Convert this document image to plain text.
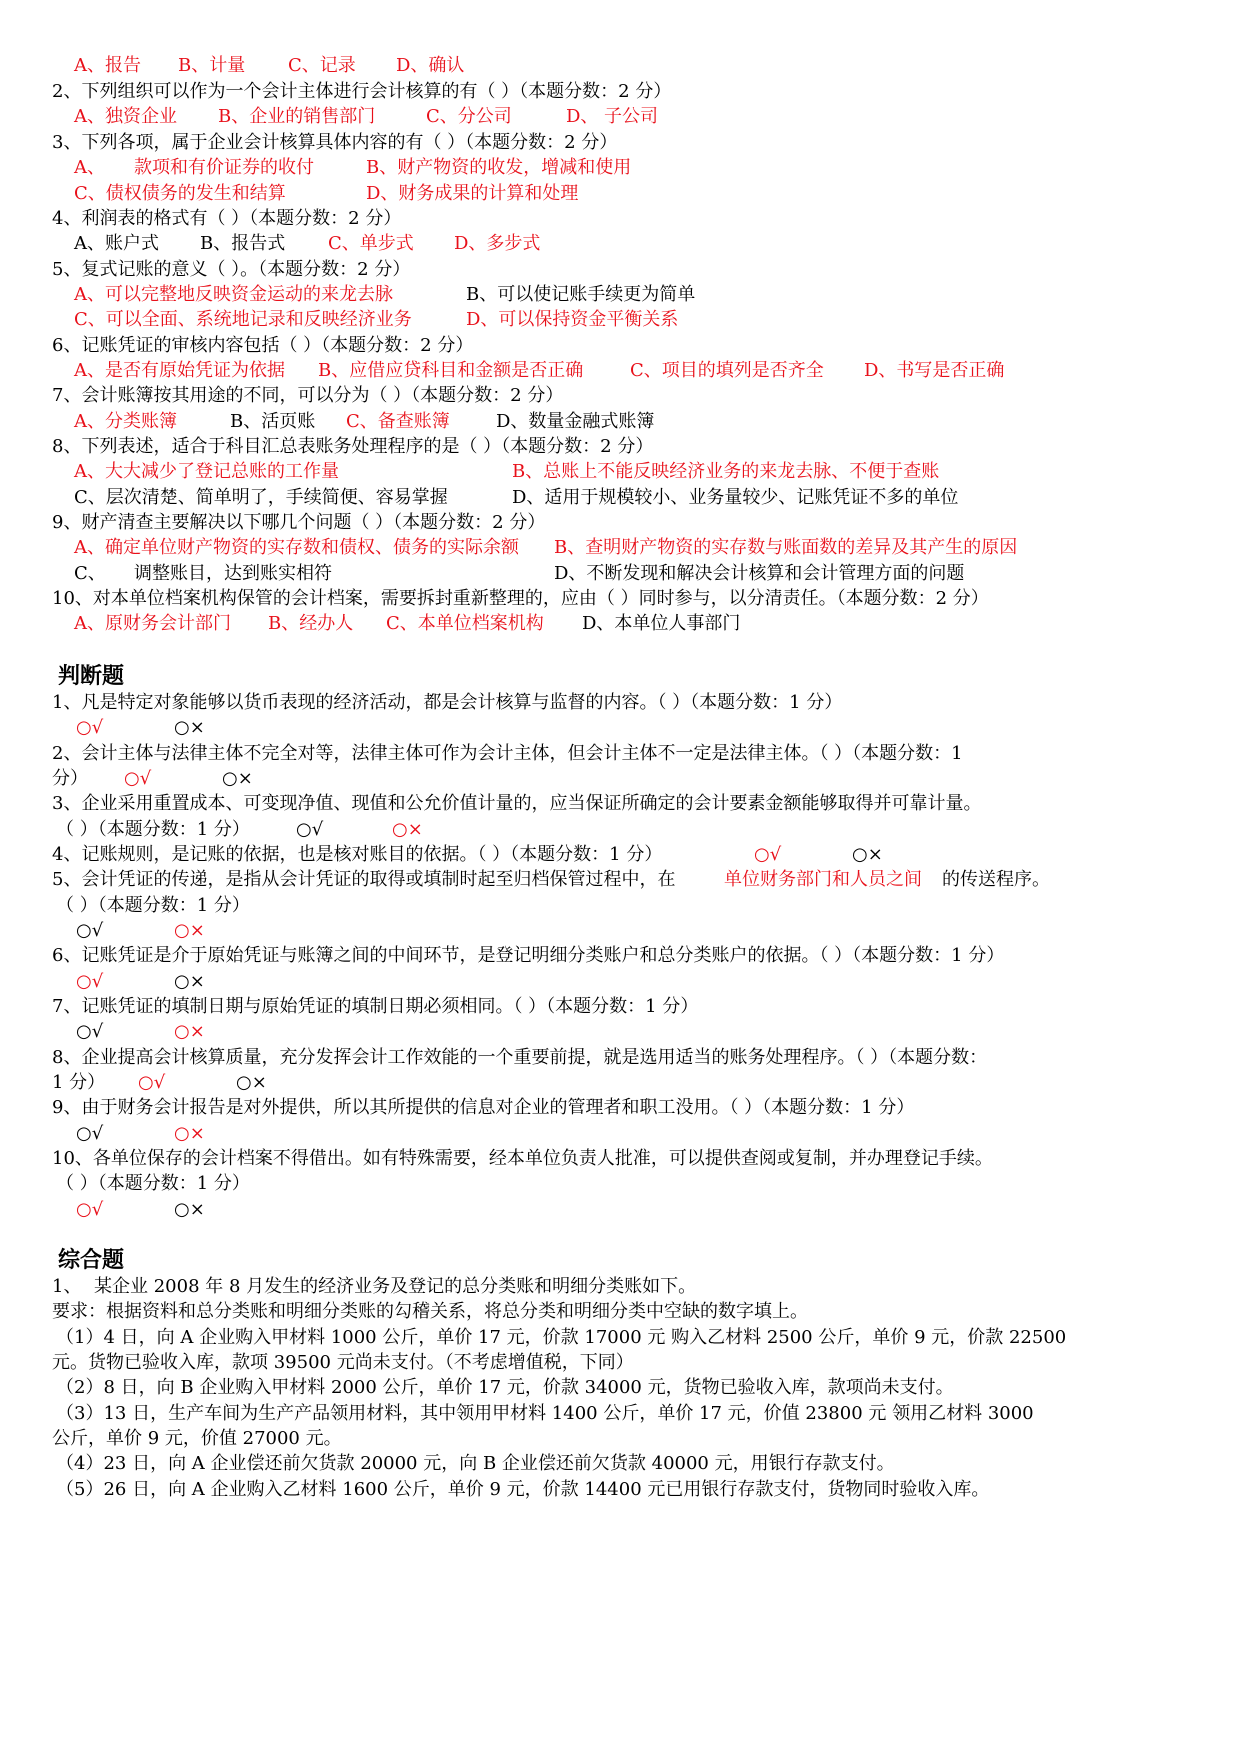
A、报告

B、计量

C、记录

D、确认

2、下列组织可以作为一个会计主体进行会计核算的有（ ）（本题分数：2 分）

A、独资企业

B、企业的销售部门

	C、分公司

	D、

子公司

3、下列各项，属于企业会计核算具体内容的有（ ）（本题分数：2 分）

A、

款项和有价证券的收付

	B、财产物资的收发，增减和使用

C、债权债务的发生和结算

	D、财务成果的计算和处理

4、利润表的格式有（ ）（本题分数：2 分）

A、账户式

B、报告式

C、单步式

D、多步式

5、复式记账的意义（ ）。（本题分数：2 分）

A、可以完整地反映资金运动的来龙去脉

	B、可以使记账手续更为简单

C、可以全面、系统地记录和反映经济业务

	D、可以保持资金平衡关系

6、记账凭证的审核内容包括（ ）（本题分数：2 分）

A、是否有原始凭证为依据

B、应借应贷科目和金额是否正确

	C、项目的填列是否齐全

D、书写是否正确

7、会计账簿按其用途的不同，可以分为（ ）（本题分数：2 分）

A、分类账簿

	B、活页账

C、备查账簿

	D、数量金融式账簿

8、下列表述，适合于科目汇总表账务处理程序的是（ ）（本题分数：2 分）

A、大大减少了登记总账的工作量

	B、总账上不能反映经济业务的来龙去脉、不便于查账

C、层次清楚、简单明了，手续简便、容易掌握

	D、适用于规模较小、业务量较少、记账凭证不多的单位

9、财产清查主要解决以下哪几个问题（ ）（本题分数：2 分）

A、确定单位财产物资的实存数和债权、债务的实际余额

B、查明财产物资的实存数与账面数的差异及其产生的原因

C、

调整账目，达到账实相符

	D、不断发现和解决会计核算和会计管理方面的问题

10、对本单位档案机构保管的会计档案，需要拆封重新整理的，应由（ ）同时参与，以分清责任。（本题分数：2 分）

A、原财务会计部门

B、经办人

C、本单位档案机构

D、本单位人事部门

判断题

1、凡是特定对象能够以货币表现的经济活动，都是会计核算与监督的内容。（ ）（本题分数：1 分）

○√

	○×

2、会计主体与法律主体不完全对等，法律主体可作为会计主体，但会计主体不一定是法律主体。（ ）（本题分数：1

分）

○√

	○×

3、企业采用重置成本、可变现净值、现值和公允价值计量的，应当保证所确定的会计要素金额能够取得并可靠计量。

（ ）（本题分数：1 分）

	○√

	○×

4、记账规则，是记账的依据，也是核对账目的依据。（ ）（本题分数：1 分）

	○√

	○×

5、会计凭证的传递，是指从会计凭证的取得或填制时起至归档保管过程中，在

	单位财务部门和人员之间

的传送程序。

（ ）（本题分数：1 分）

○√

	○×

6、记账凭证是介于原始凭证与账簿之间的中间环节，是登记明细分类账户和总分类账户的依据。（ ）（本题分数：1 分）

○√

	○×

7、记账凭证的填制日期与原始凭证的填制日期必须相同。（ ）（本题分数：1 分）

○√

	○×

8、企业提高会计核算质量，充分发挥会计工作效能的一个重要前提，就是选用适当的账务处理程序。（ ）（本题分数：

1 分）

○√

	○×

9、由于财务会计报告是对外提供，所以其所提供的信息对企业的管理者和职工没用。（ ）（本题分数：1 分）

○√

	○×

10、各单位保存的会计档案不得借出。如有特殊需要，经本单位负责人批准，可以提供查阅或复制，并办理登记手续。

（ ）（本题分数：1 分）

○√

	○×

综合题

1、

某企业 2008 年 8 月发生的经济业务及登记的总分类账和明细分类账如下。

要求：根据资料和总分类账和明细分类账的勾稽关系，将总分类和明细分类中空缺的数字填上。

（1）4 日，向 A 企业购入甲材料 1000 公斤，单价 17 元，价款 17000 元 购入乙材料 2500 公斤，单价 9 元，价款 22500

元。货物已验收入库，款项 39500 元尚未支付。（不考虑增值税，下同）

（2）8 日，向 B 企业购入甲材料 2000 公斤，单价 17 元，价款 34000 元，货物已验收入库，款项尚未支付。

（3）13 日，生产车间为生产产品领用材料，其中领用甲材料 1400 公斤，单价 17 元，价值 23800 元 领用乙材料 3000

公斤，单价 9 元，价值 27000 元。

（4）23 日，向 A 企业偿还前欠货款 20000 元，向 B 企业偿还前欠货款 40000 元，用银行存款支付。

（5）26 日，向 A 企业购入乙材料 1600 公斤，单价 9 元，价款 14400 元已用银行存款支付，货物同时验收入库。
